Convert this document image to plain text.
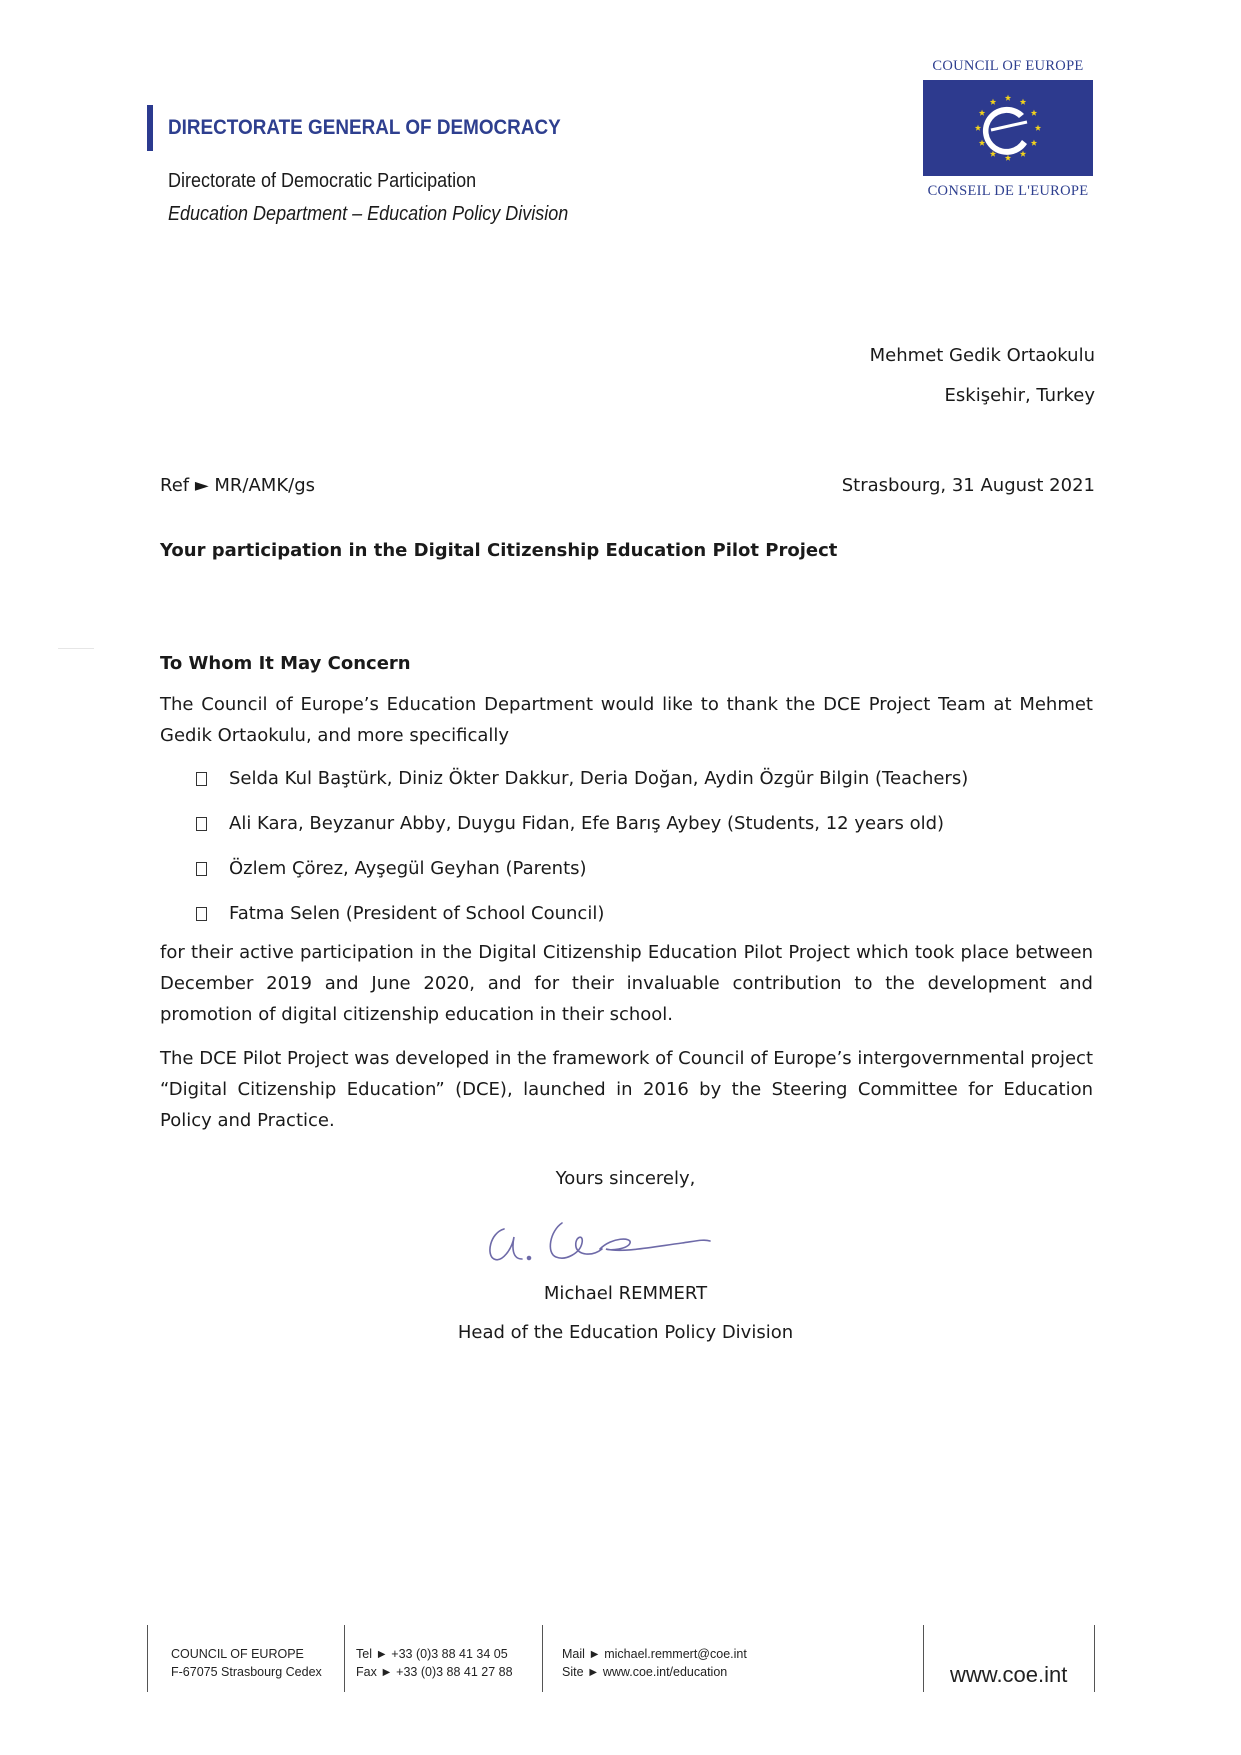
DIRECTORATE GENERAL OF DEMOCRACY
Directorate of Democratic Participation
Education Department – Education Policy Division
COUNCIL OF EUROPE
CONSEIL DE L'EUROPE
Mehmet Gedik Ortaokulu
Eskişehir, Turkey
Ref ► MR/AMK/gs	Strasbourg, 31 August 2021
Your participation in the Digital Citizenship Education Pilot Project
To Whom It May Concern
The Council of Europe’s Education Department would like to thank the DCE Project Team at Mehmet Gedik Ortaokulu, and more specifically
Selda Kul Baştürk, Diniz Ökter Dakkur, Deria Doğan, Aydin Özgür Bilgin (Teachers)
Ali Kara, Beyzanur Abby, Duygu Fidan, Efe Barış Aybey (Students, 12 years old)
Özlem Çörez, Ayşegül Geyhan (Parents)
Fatma Selen (President of School Council)
for their active participation in the Digital Citizenship Education Pilot Project which took place between December 2019 and June 2020, and for their invaluable contribution to the development and promotion of digital citizenship education in their school.
The DCE Pilot Project was developed in the framework of Council of Europe’s intergovernmental project “Digital Citizenship Education” (DCE), launched in 2016 by the Steering Committee for Education Policy and Practice.
Yours sincerely,
Michael REMMERT
Head of the Education Policy Division
COUNCIL OF EUROPE
F-67075 Strasbourg Cedex
Tel ► +33 (0)3 88 41 34 05
Fax ► +33 (0)3 88 41 27 88
Mail ► michael.remmert@coe.int
Site ► www.coe.int/education	www.coe.int
